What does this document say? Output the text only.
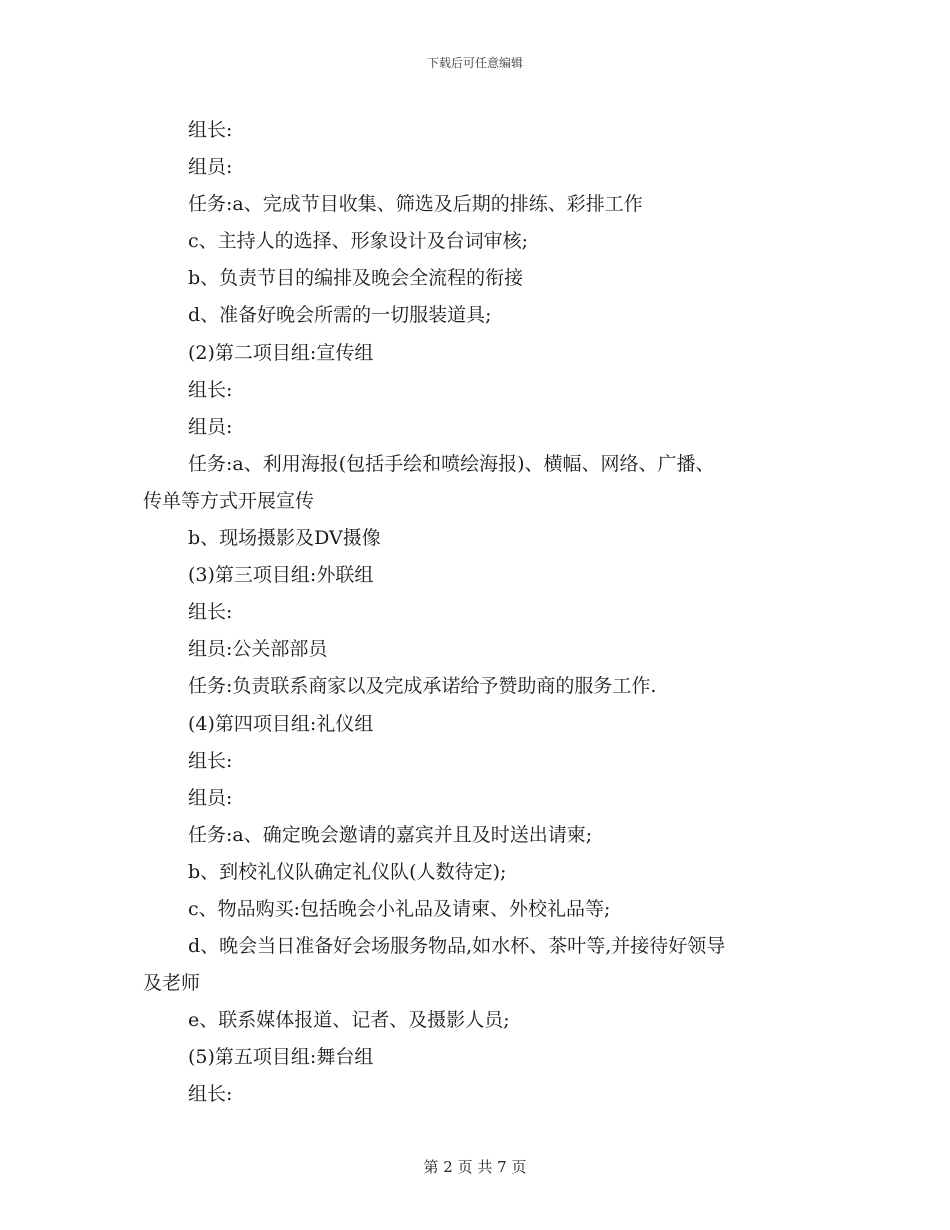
下载后可任意编辑
组长:
组员:
任务:a、完成节目收集、筛选及后期的排练、彩排工作
c、主持人的选择、形象设计及台词审核;
b、负责节目的编排及晚会全流程的衔接
d、准备好晚会所需的一切服装道具;
(2)第二项目组:宣传组
组长:
组员:
任务:a、利用海报(包括手绘和喷绘海报)、横幅、网络、广播、
传单等方式开展宣传
b、现场摄影及DV摄像
(3)第三项目组:外联组
组长:
组员:公关部部员
任务:负责联系商家以及完成承诺给予赞助商的服务工作.
(4)第四项目组:礼仪组
组长:
组员:
任务:a、确定晚会邀请的嘉宾并且及时送出请柬;
b、到校礼仪队确定礼仪队(人数待定);
c、物品购买:包括晚会小礼品及请柬、外校礼品等;
d、晚会当日准备好会场服务物品,如水杯、茶叶等,并接待好领导
及老师
e、联系媒体报道、记者、及摄影人员;
(5)第五项目组:舞台组
组长:
第 2 页 共 7 页
